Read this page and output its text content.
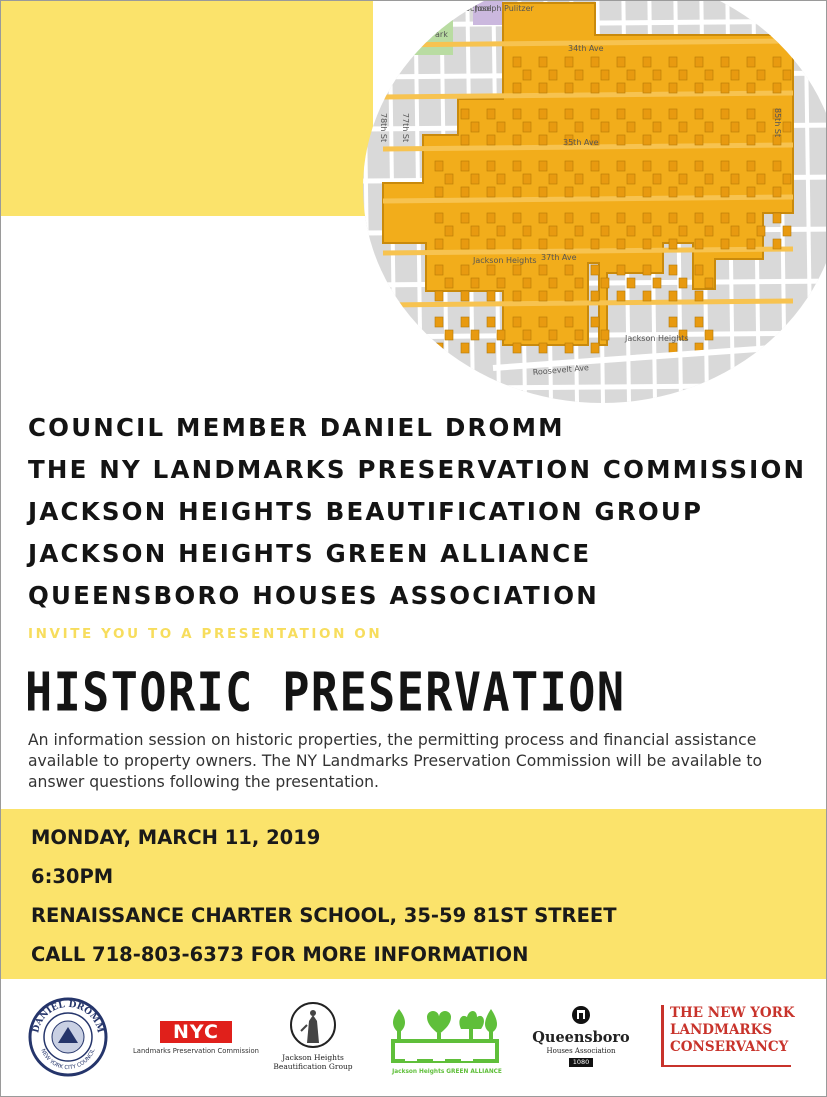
Garden School
Joseph Pulitzer
Travers Park
34th Ave
35th Ave
37th Ave
78th St 77th St	85th St
Jackson Heights
Jackson Heights
Roosevelt Ave
COUNCIL MEMBER DANIEL DROMM
THE NY LANDMARKS PRESERVATION COMMISSION
JACKSON HEIGHTS BEAUTIFICATION GROUP
JACKSON HEIGHTS GREEN ALLIANCE
QUEENSBORO HOUSES ASSOCIATION
INVITE YOU TO A PRESENTATION ON
HISTORIC PRESERVATION
An information session on historic properties, the permitting process and financial assistance available to property owners. The NY Landmarks Preservation Commission will be available to answer questions following the presentation.
MONDAY, MARCH 11, 2019
6:30PM
RENAISSANCE CHARTER SCHOOL, 35-59 81ST STREET
CALL 718-803-6373 FOR MORE INFORMATION
DANIEL DROMM
NEW YORK CITY COUNCIL
NYC
Landmarks Preservation Commission
Jackson Heights
Beautification Group
Jackson Heights GREEN ALLIANCE
Queensboro
Houses Association
1080
THE NEW YORK
LANDMARKS
CONSERVANCY
